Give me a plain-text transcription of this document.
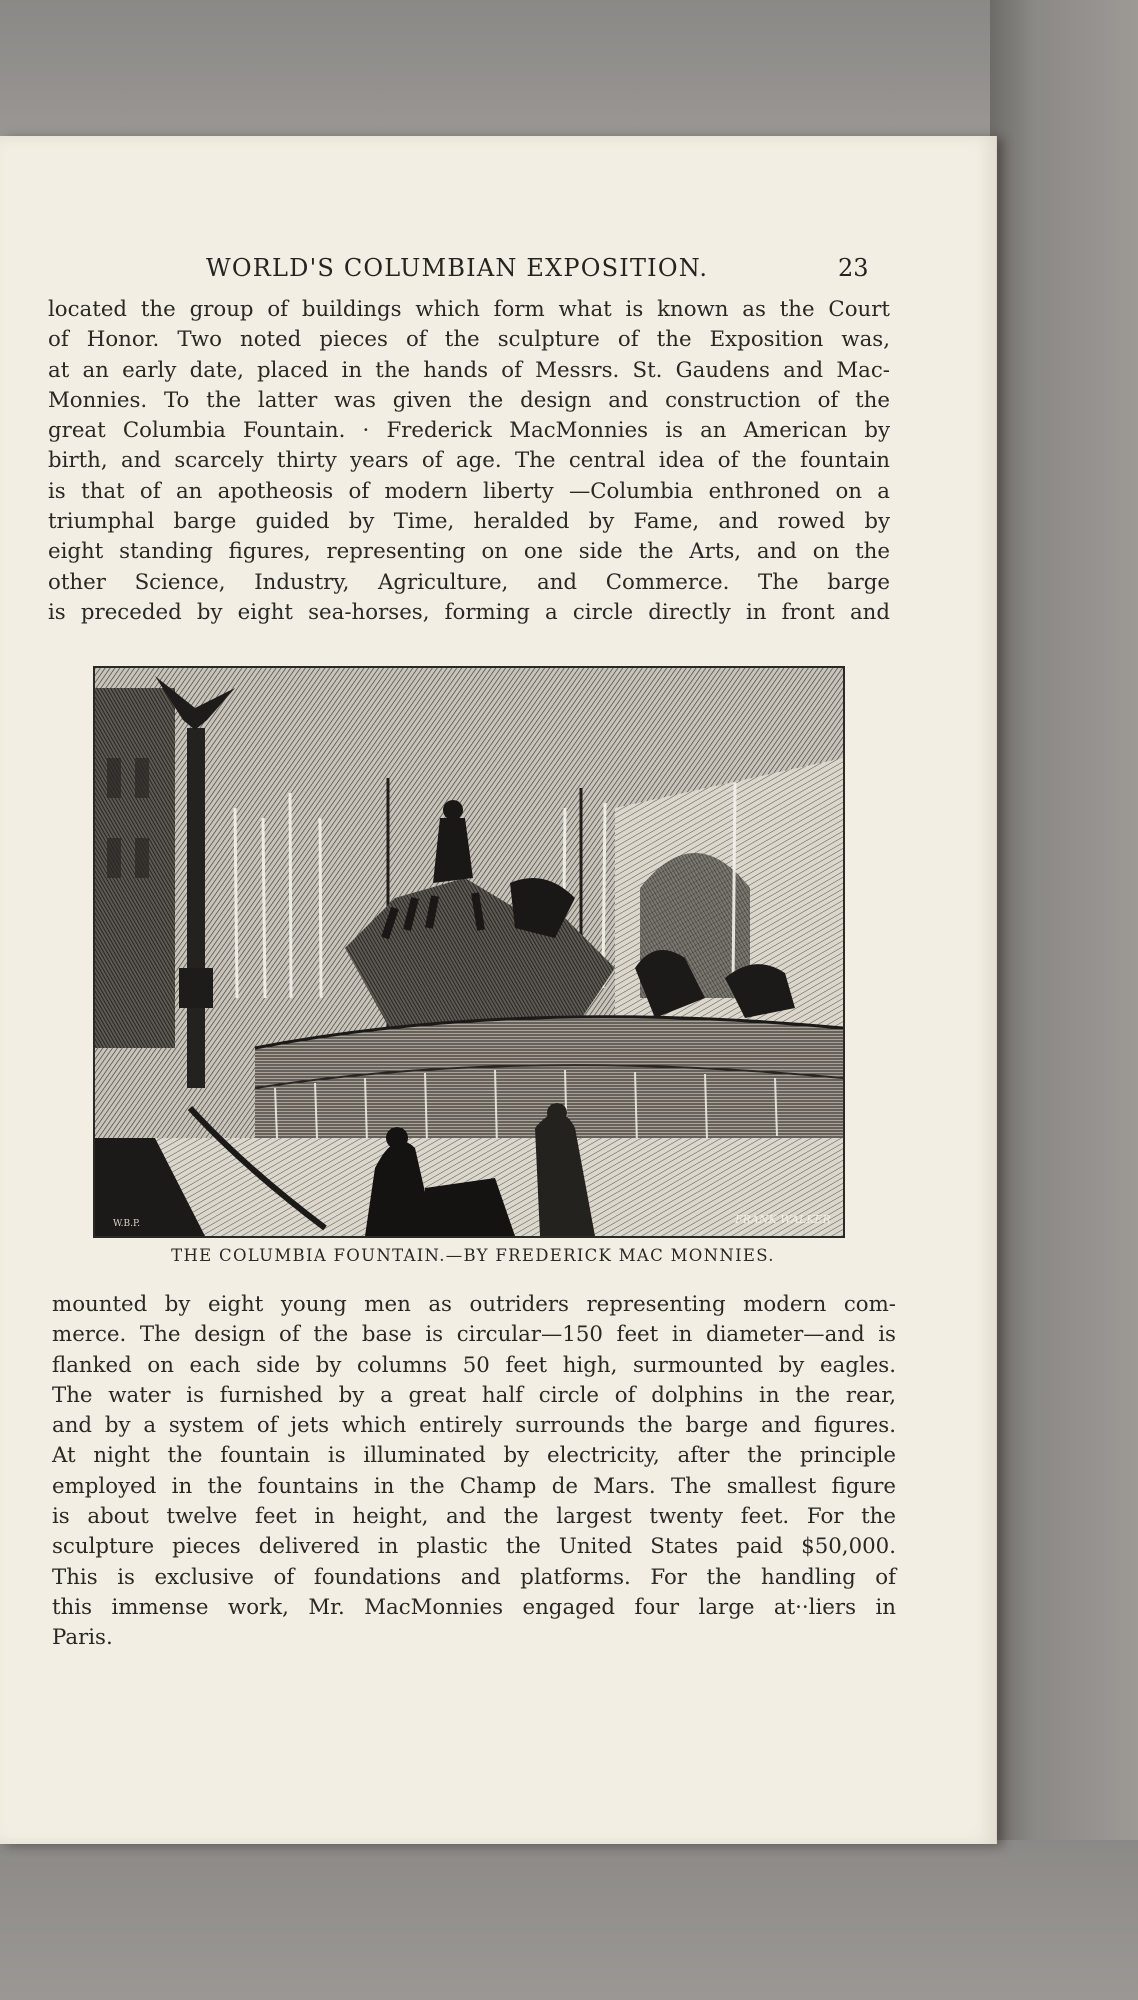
WORLD'S COLUMBIAN EXPOSITION.	23
located the group of buildings which form what is known as the Court
of Honor. Two noted pieces of the sculpture of the Exposition was,
at an early date, placed in the hands of Messrs. St. Gaudens and Mac-
Monnies. To the latter was given the design and construction of the
great Columbia Fountain. · Frederick MacMonnies is an American by
birth, and scarcely thirty years of age. The central idea of the fountain
is that of an apotheosis of modern liberty —Columbia enthroned on a
triumphal barge guided by Time, heralded by Fame, and rowed by
eight standing figures, representing on one side the Arts, and on the
other Science, Industry, Agriculture, and Commerce. The barge
is preceded by eight sea-horses, forming a circle directly in front and
FRANK WALKER
W.B.P.
THE COLUMBIA FOUNTAIN.—BY FREDERICK MAC MONNIES.
mounted by eight young men as outriders representing modern com-
merce. The design of the base is circular—150 feet in diameter—and is
flanked on each side by columns 50 feet high, surmounted by eagles.
The water is furnished by a great half circle of dolphins in the rear,
and by a system of jets which entirely surrounds the barge and figures.
At night the fountain is illuminated by electricity, after the principle
employed in the fountains in the Champ de Mars. The smallest figure
is about twelve feet in height, and the largest twenty feet. For the
sculpture pieces delivered in plastic the United States paid $50,000.
This is exclusive of foundations and platforms. For the handling of
this immense work, Mr. MacMonnies engaged four large at··liers in
Paris.
